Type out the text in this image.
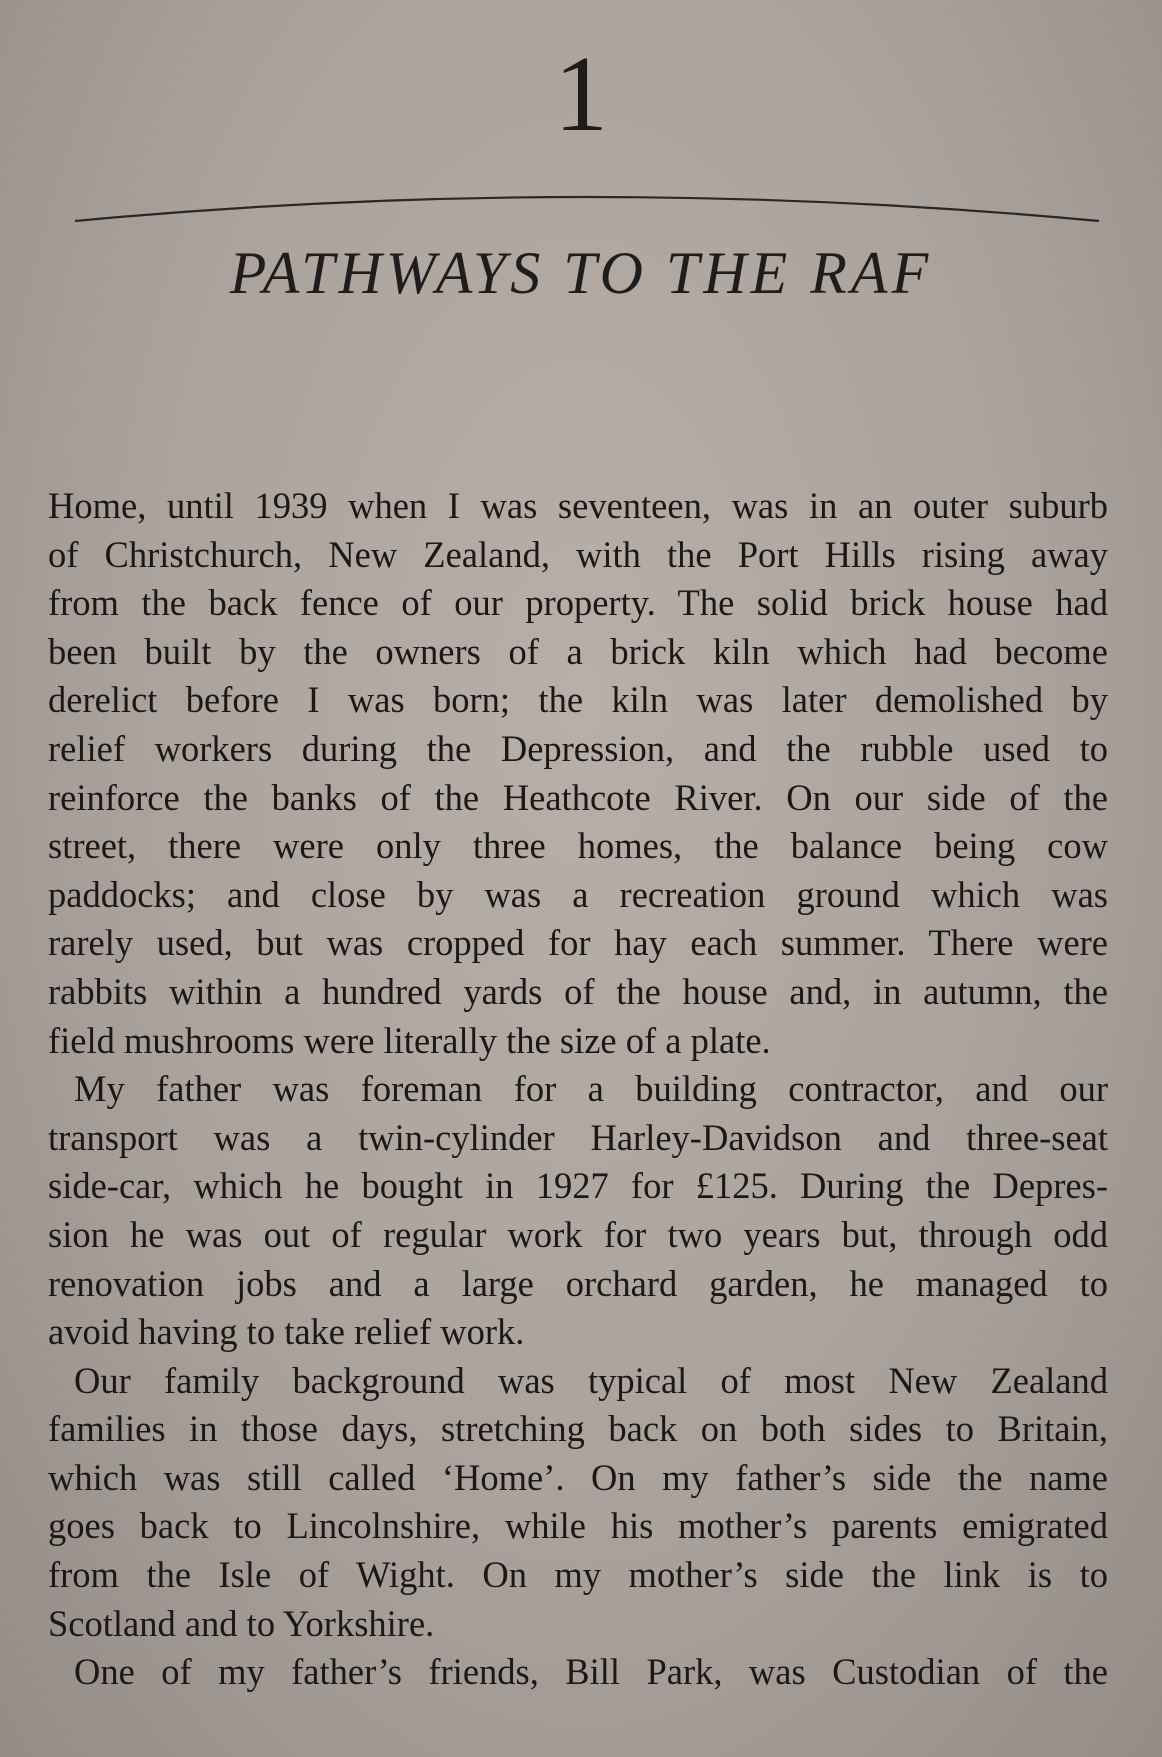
1
PATHWAYS TO THE RAF
Home, until 1939 when I was seventeen, was in an outer suburb
of Christchurch, New Zealand, with the Port Hills rising away
from the back fence of our property. The solid brick house had
been built by the owners of a brick kiln which had become
derelict before I was born; the kiln was later demolished by
relief workers during the Depression, and the rubble used to
reinforce the banks of the Heathcote River. On our side of the
street, there were only three homes, the balance being cow
paddocks; and close by was a recreation ground which was
rarely used, but was cropped for hay each summer. There were
rabbits within a hundred yards of the house and, in autumn, the
field mushrooms were literally the size of a plate.
My father was foreman for a building contractor, and our
transport was a twin-cylinder Harley-Davidson and three-seat
side-car, which he bought in 1927 for £125. During the Depres-
sion he was out of regular work for two years but, through odd
renovation jobs and a large orchard garden, he managed to
avoid having to take relief work.
Our family background was typical of most New Zealand
families in those days, stretching back on both sides to Britain,
which was still called ‘Home’. On my father’s side the name
goes back to Lincolnshire, while his mother’s parents emigrated
from the Isle of Wight. On my mother’s side the link is to
Scotland and to Yorkshire.
One of my father’s friends, Bill Park, was Custodian of the
